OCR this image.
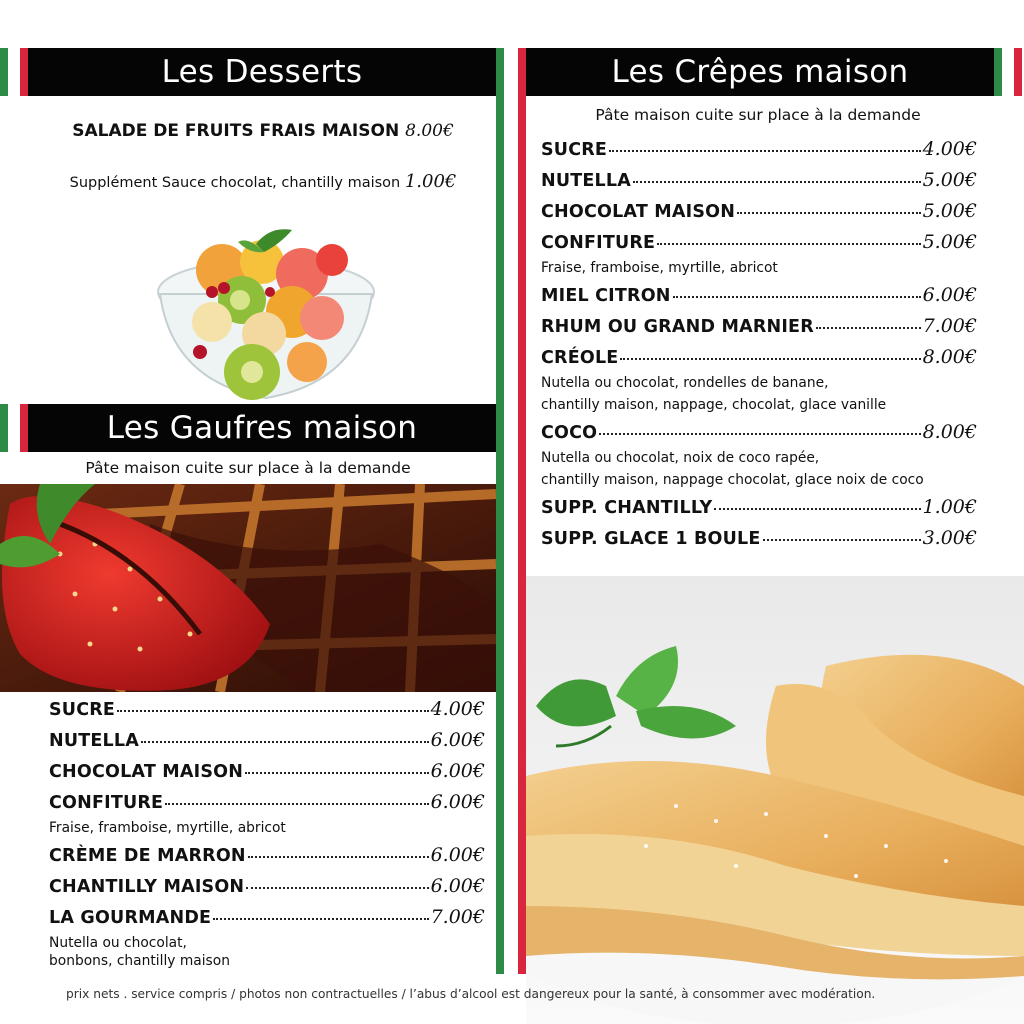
Les Desserts
SALADE DE FRUITS FRAIS MAISON 8.00€
Supplément Sauce chocolat, chantilly maison 1.00€
Les Gaufres maison
Pâte maison cuite sur place à la demande
SUCRE	4.00€
NUTELLA	6.00€
CHOCOLAT MAISON	6.00€
CONFITURE	6.00€
Fraise, framboise, myrtille, abricot
CRÈME DE MARRON	6.00€
CHANTILLY MAISON	6.00€
LA GOURMANDE	7.00€
Nutella ou chocolat,
bonbons, chantilly maison
Les Crêpes maison
Pâte maison cuite sur place à la demande
SUCRE	4.00€
NUTELLA	5.00€
CHOCOLAT MAISON	5.00€
CONFITURE	5.00€
Fraise, framboise, myrtille, abricot
MIEL CITRON	6.00€
RHUM OU GRAND MARNIER	7.00€
CRÉOLE	8.00€
Nutella ou chocolat, rondelles de banane,
chantilly maison, nappage, chocolat, glace vanille
COCO	8.00€
Nutella ou chocolat, noix de coco rapée,
chantilly maison, nappage chocolat, glace noix de coco
SUPP. CHANTILLY	1.00€
SUPP. GLACE 1 BOULE	3.00€
prix nets . service compris / photos non contractuelles / l’abus d’alcool est dangereux pour la santé, à consommer avec modération.
